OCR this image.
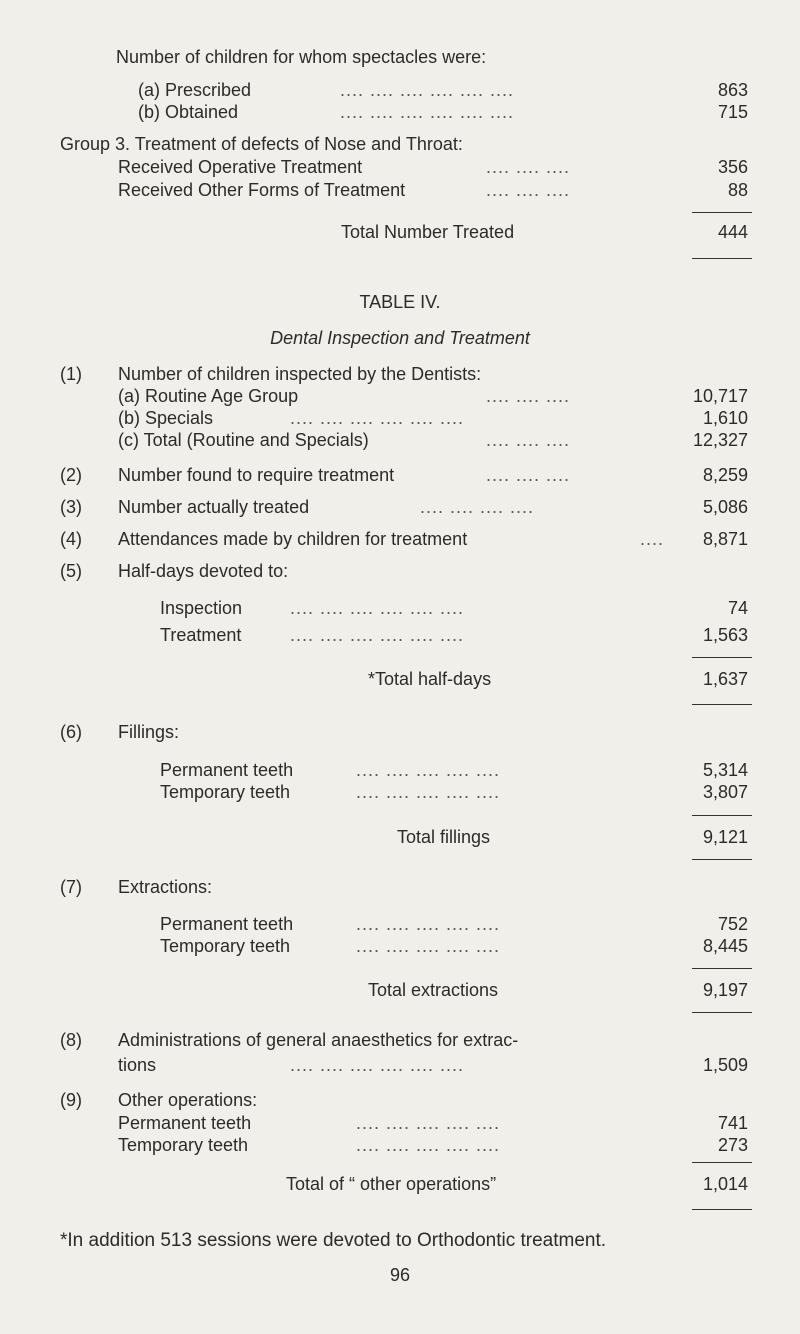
Number of children for whom spectacles were:
(a) Prescribed	.... .... .... .... .... ....	863
(b) Obtained	.... .... .... .... .... ....	715
Group 3. Treatment of defects of Nose and Throat:
Received Operative Treatment	.... .... ....	356
Received Other Forms of Treatment	.... .... ....	88
Total Number Treated	444
TABLE IV.
Dental Inspection and Treatment
(1) Number of children inspected by the Dentists:
(a) Routine Age Group	.... .... ....	10,717
(b) Specials	.... .... .... .... .... ....	1,610
(c) Total (Routine and Specials)	.... .... ....	12,327
(2) Number found to require treatment	.... .... ....	8,259
(3) Number actually treated	.... .... .... ....	5,086
(4) Attendances made by children for treatment	.... 8,871
(5) Half-days devoted to:
Inspection	.... .... .... .... .... ....	74
Treatment	.... .... .... .... .... ....	1,563
*Total half-days	1,637
(6) Fillings:
Permanent teeth	.... .... .... .... ....	5,314
Temporary teeth	.... .... .... .... ....	3,807
Total fillings	9,121
(7) Extractions:
Permanent teeth	.... .... .... .... ....	752
Temporary teeth	.... .... .... .... ....	8,445
Total extractions	9,197
(8) Administrations of general anaesthetics for extrac-
tions	.... .... .... .... .... ....	1,509
(9) Other operations:
Permanent teeth	.... .... .... .... ....	741
Temporary teeth	.... .... .... .... ....	273
Total of “ other operations”	1,014
*In addition 513 sessions were devoted to Orthodontic treatment.
96
